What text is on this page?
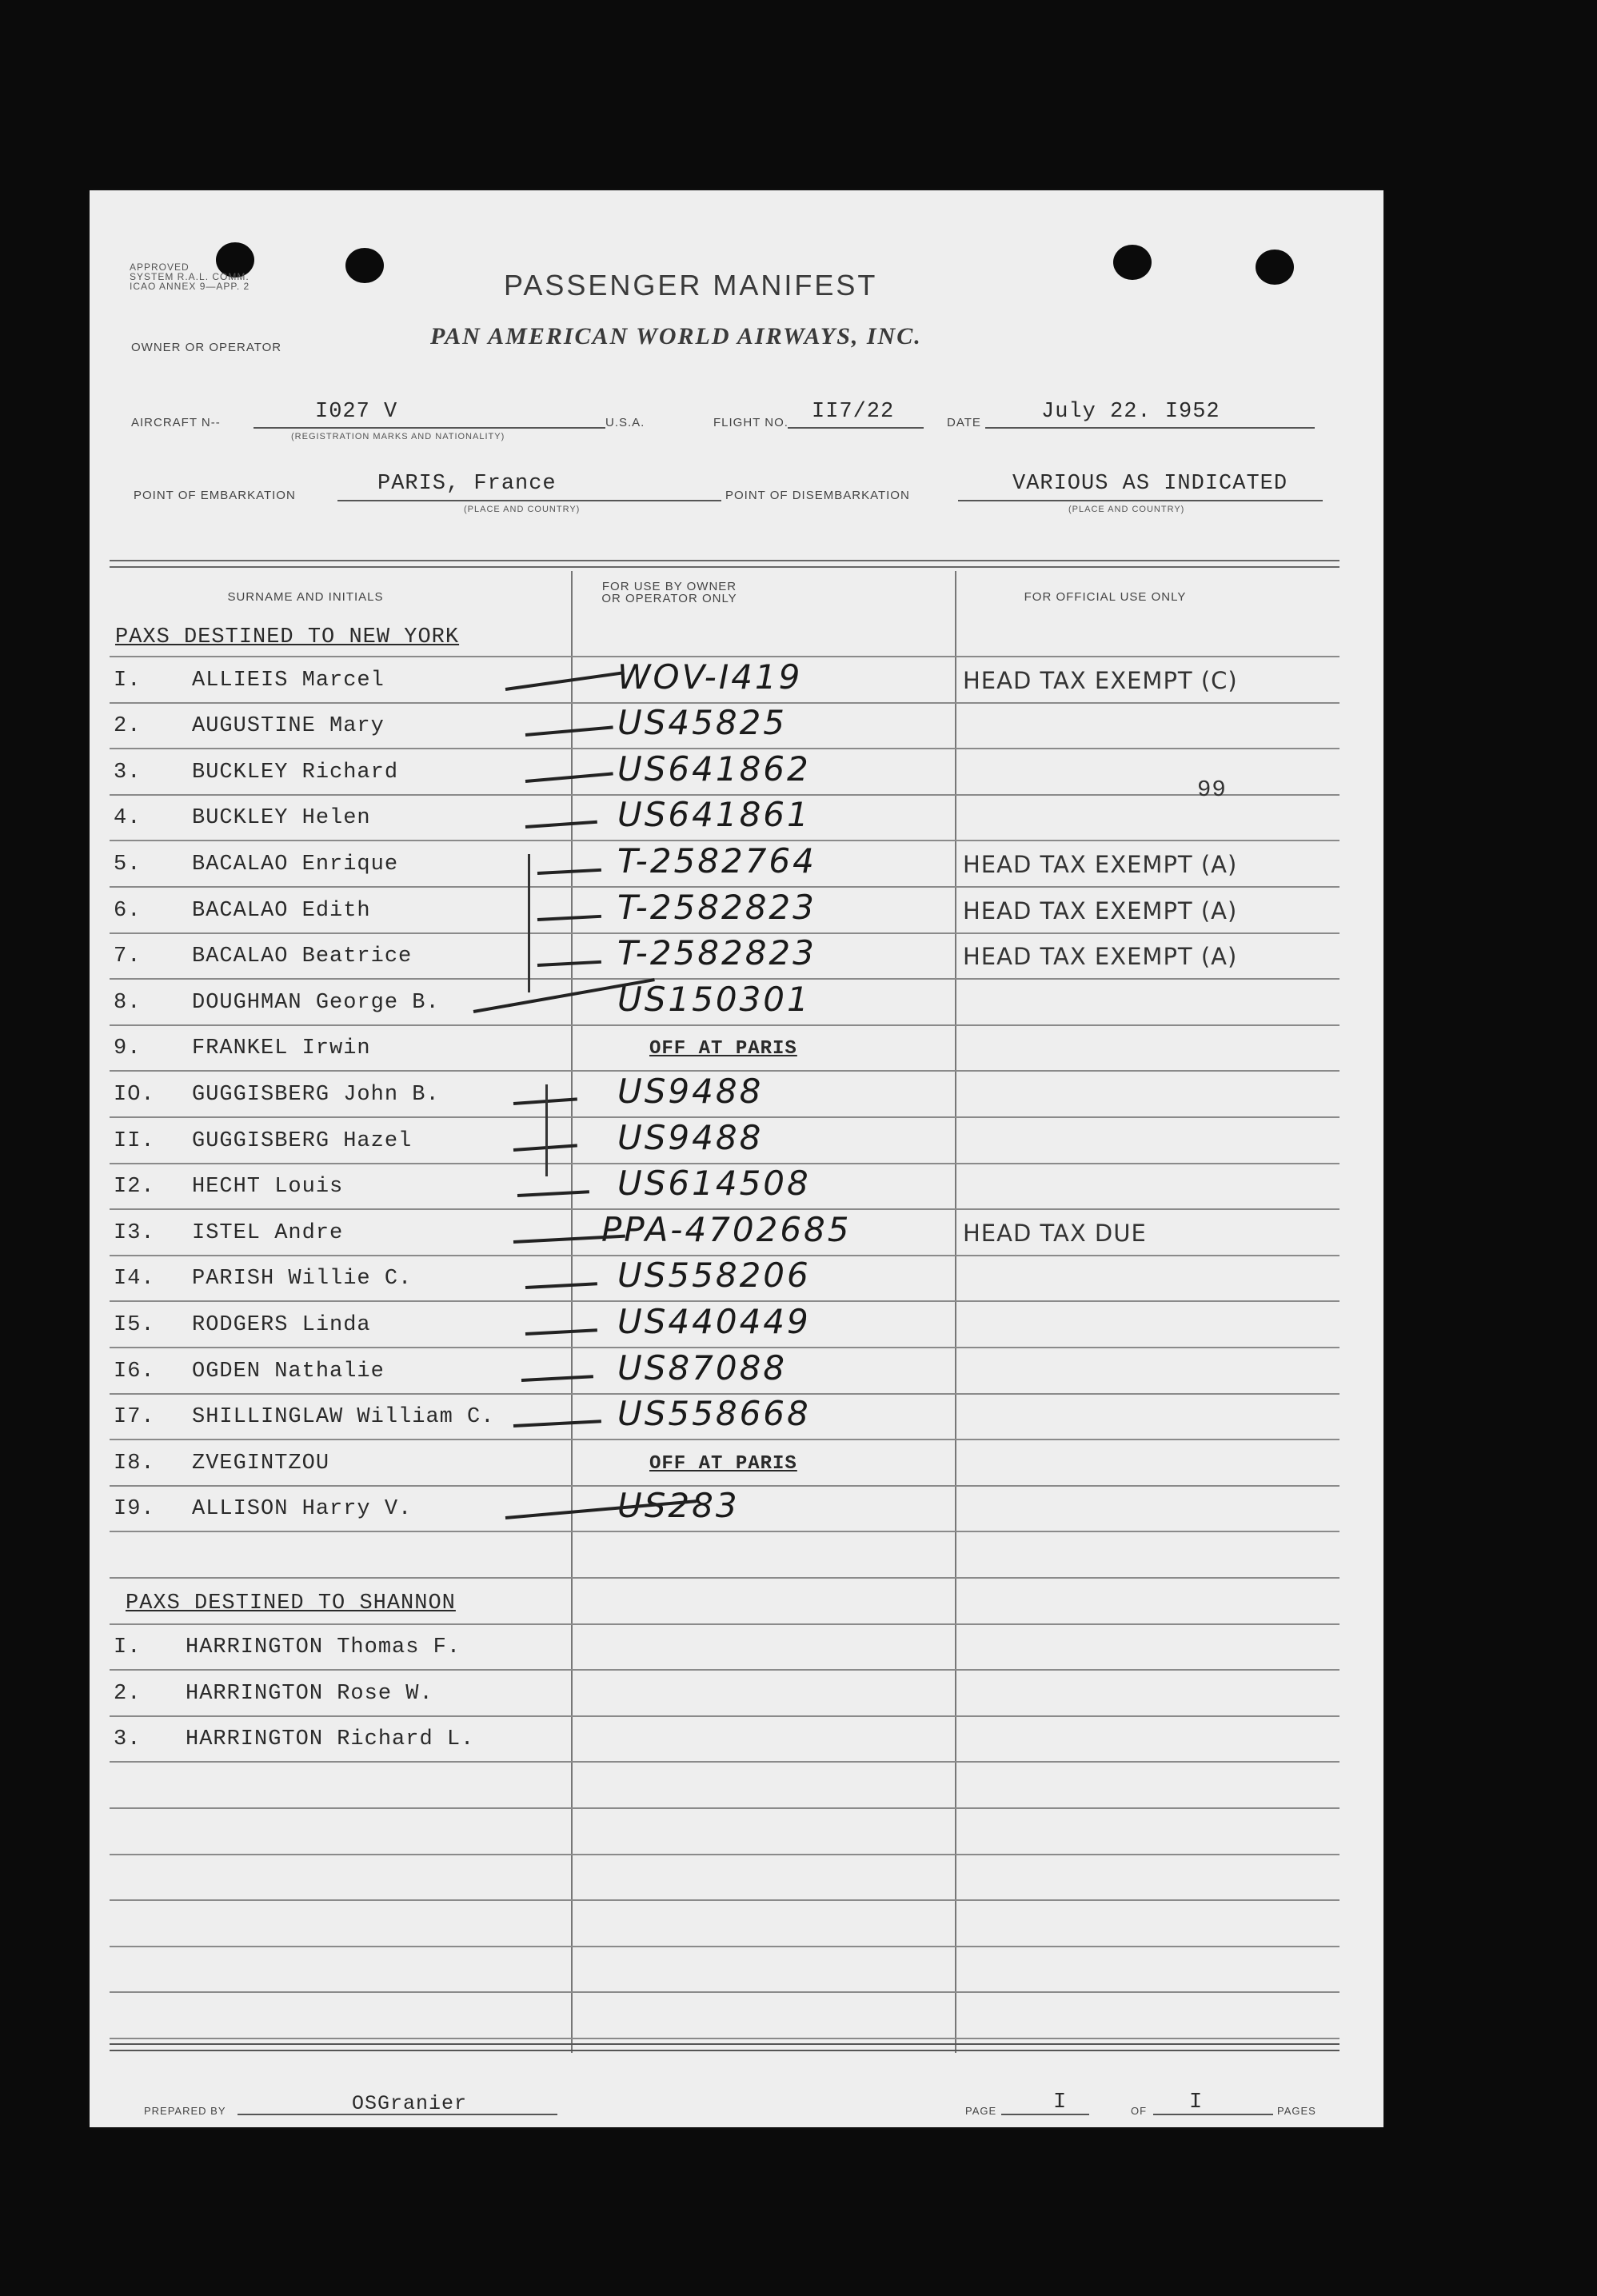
APPROVED
SYSTEM R.A.L. COMM.
ICAO ANNEX 9—APP. 2	PASSENGER MANIFEST
PAN AMERICAN WORLD AIRWAYS, INC.
OWNER OR OPERATOR
AIRCRAFT N--	I027 V
(REGISTRATION MARKS AND NATIONALITY)
U.S.A.	FLIGHT NO. II7/22	DATE	July 22. I952
POINT OF EMBARKATION	PARIS, France
(PLACE AND COUNTRY)
POINT OF DISEMBARKATION	VARIOUS AS INDICATED
(PLACE AND COUNTRY)
SURNAME AND INITIALS
FOR USE BY OWNER OR OPERATOR ONLY	FOR OFFICIAL USE ONLY
PAXS DESTINED TO NEW YORK
I. ALLIEIS Marcel	WOV-I419	HEAD TAX EXEMPT (C)
2. AUGUSTINE Mary	US45825
3. BUCKLEY Richard	US641862
99
4. BUCKLEY Helen	US641861
5. BACALAO Enrique	T-2582764	HEAD TAX EXEMPT (A)
6. BACALAO Edith	T-2582823	HEAD TAX EXEMPT (A)
7. BACALAO Beatrice	T-2582823	HEAD TAX EXEMPT (A)
8. DOUGHMAN George B.	US150301
9. FRANKEL Irwin	OFF AT PARIS
IO. GUGGISBERG John B.	US9488
II. GUGGISBERG Hazel	US9488
I2. HECHT Louis	US614508
I3. ISTEL Andre	PPA-4702685	HEAD TAX DUE
I4. PARISH Willie C.	US558206
I5. RODGERS Linda	US440449
I6. OGDEN Nathalie	US87088
I7. SHILLINGLAW William C.	US558668
I8. ZVEGINTZOU	OFF AT PARIS
I9. ALLISON Harry V.	US283
PAXS DESTINED TO SHANNON
I. HARRINGTON Thomas F.
2. HARRINGTON Rose W.
3. HARRINGTON Richard L.
PREPARED BY	OSGranier	PAGE	I	OF I	PAGES
